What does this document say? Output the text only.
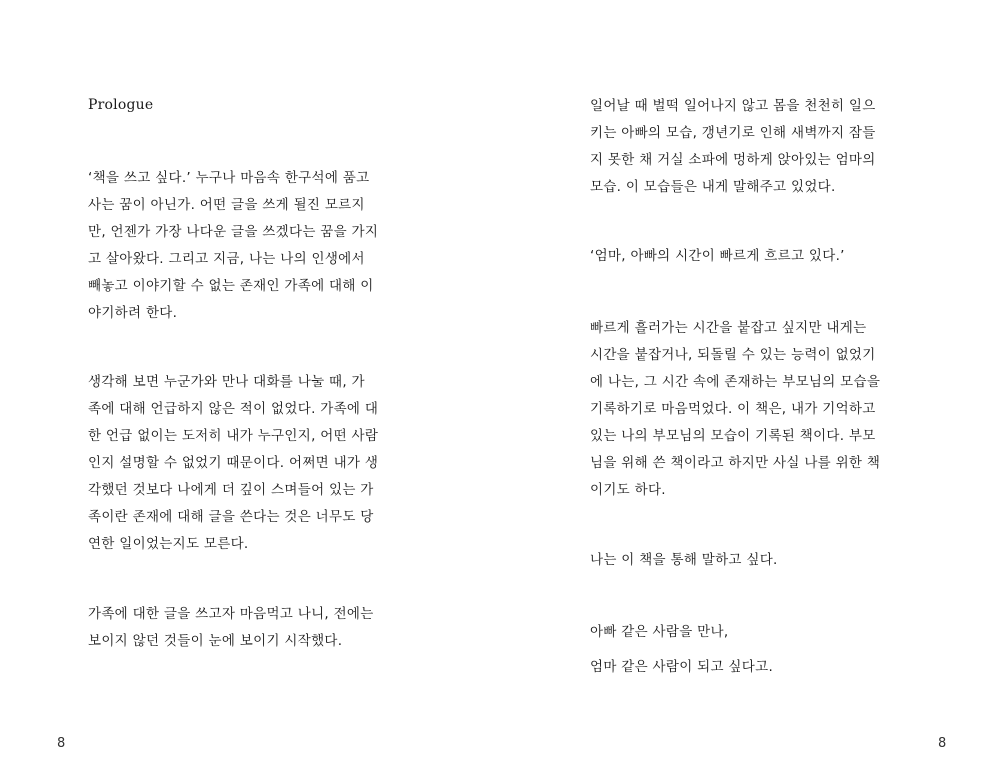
Prologue

‘책을 쓰고 싶다.’ 누구나 마음속 한구석에 품고
사는 꿈이 아닌가. 어떤 글을 쓰게 될진 모르지
만, 언젠가 가장 나다운 글을 쓰겠다는 꿈을 가지
고 살아왔다. 그리고 지금, 나는 나의 인생에서
빼놓고 이야기할 수 없는 존재인 가족에 대해 이
야기하려 한다.

생각해 보면 누군가와 만나 대화를 나눌 때, 가
족에 대해 언급하지 않은 적이 없었다. 가족에 대
한 언급 없이는 도저히 내가 누구인지, 어떤 사람
인지 설명할 수 없었기 때문이다. 어쩌면 내가 생
각했던 것보다 나에게 더 깊이 스며들어 있는 가
족이란 존재에 대해 글을 쓴다는 것은 너무도 당
연한 일이었는지도 모른다.

가족에 대한 글을 쓰고자 마음먹고 나니, 전에는
보이지 않던 것들이 눈에 보이기 시작했다.

8

일어날 때 벌떡 일어나지 않고 몸을 천천히 일으
키는 아빠의 모습, 갱년기로 인해 새벽까지 잠들
지 못한 채 거실 소파에 멍하게 앉아있는 엄마의
모습. 이 모습들은 내게 말해주고 있었다.

‘엄마, 아빠의 시간이 빠르게 흐르고 있다.’

빠르게 흘러가는 시간을 붙잡고 싶지만 내게는
시간을 붙잡거나, 되돌릴 수 있는 능력이 없었기
에 나는, 그 시간 속에 존재하는 부모님의 모습을
기록하기로 마음먹었다. 이 책은, 내가 기억하고
있는 나의 부모님의 모습이 기록된 책이다. 부모
님을 위해 쓴 책이라고 하지만 사실 나를 위한 책
이기도 하다.

나는 이 책을 통해 말하고 싶다.

아빠 같은 사람을 만나,

엄마 같은 사람이 되고 싶다고.

8
